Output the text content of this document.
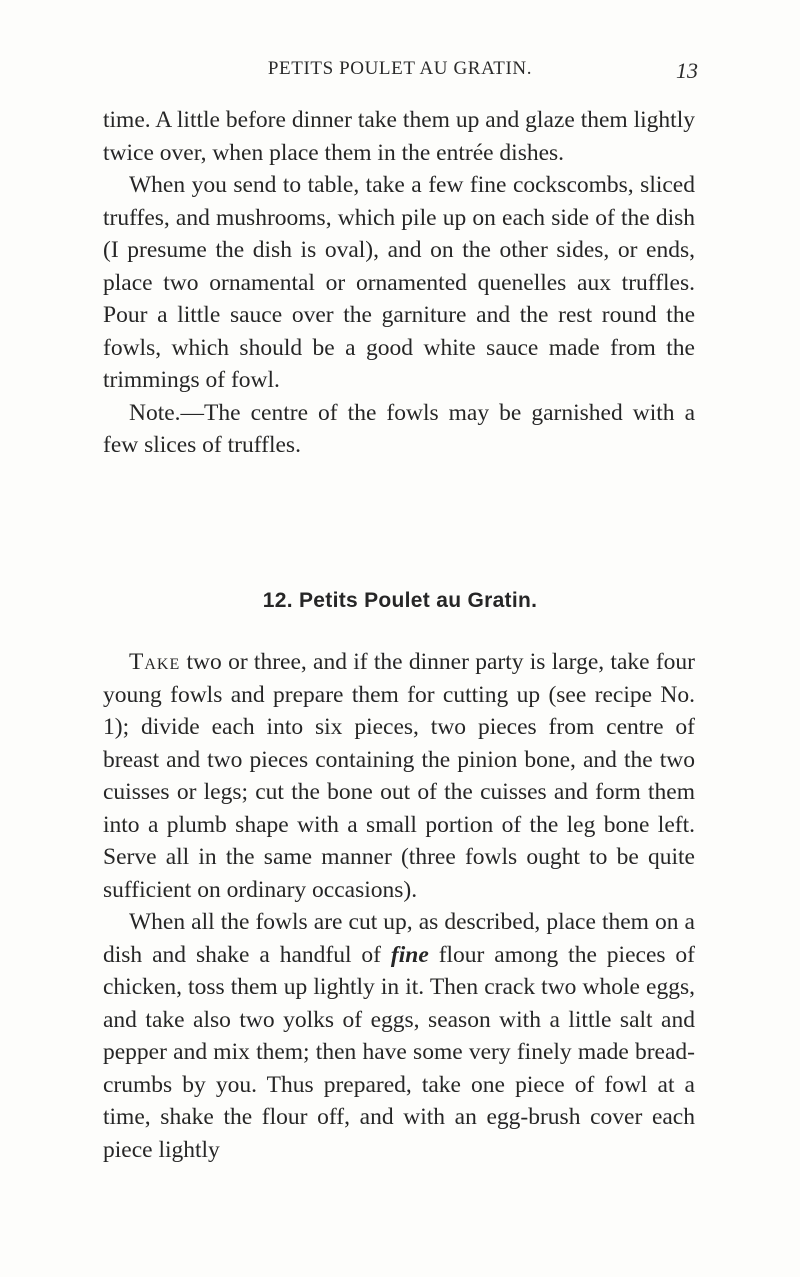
PETITS POULET AU GRATIN.	13

time. A little before dinner take them up and glaze them lightly twice over, when place them in the entrée dishes.

When you send to table, take a few fine cockscombs, sliced truffes, and mushrooms, which pile up on each side of the dish (I presume the dish is oval), and on the other sides, or ends, place two ornamental or ornamented quenelles aux truffles. Pour a little sauce over the garniture and the rest round the fowls, which should be a good white sauce made from the trimmings of fowl.

Note.—The centre of the fowls may be garnished with a few slices of truffles.

12. Petits Poulet au Gratin.

Take two or three, and if the dinner party is large, take four young fowls and prepare them for cutting up (see recipe No. 1); divide each into six pieces, two pieces from centre of breast and two pieces containing the pinion bone, and the two cuisses or legs; cut the bone out of the cuisses and form them into a plumb shape with a small portion of the leg bone left. Serve all in the same manner (three fowls ought to be quite sufficient on ordinary occasions).

When all the fowls are cut up, as described, place them on a dish and shake a handful of fine flour among the pieces of chicken, toss them up lightly in it. Then crack two whole eggs, and take also two yolks of eggs, season with a little salt and pepper and mix them; then have some very finely made bread-crumbs by you. Thus prepared, take one piece of fowl at a time, shake the flour off, and with an egg-brush cover each piece lightly
